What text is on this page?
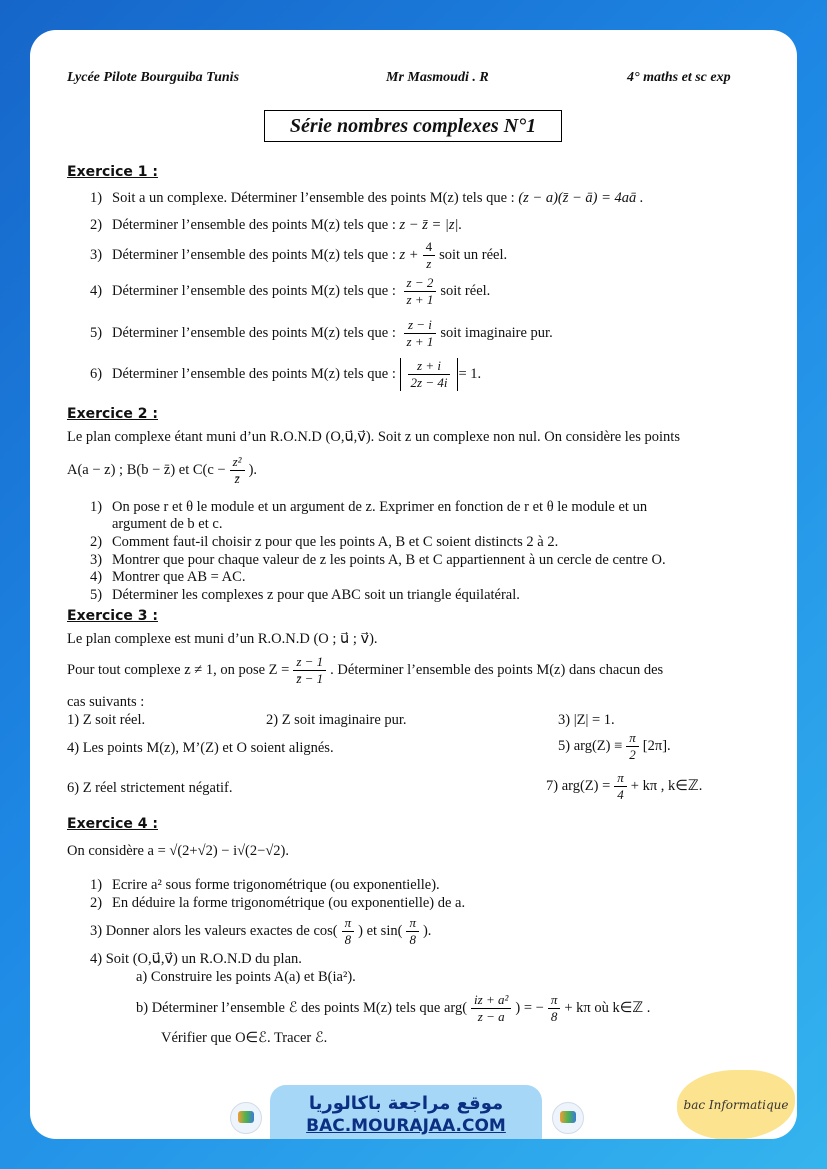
Lycée Pilote Bourguiba Tunis	Mr Masmoudi . R	4° maths et sc exp
Série nombres complexes N°1
Exercice 1 :
1) Soit a un complexe. Déterminer l’ensemble des points M(z) tels que : (z − a)(z̄ − ā) = 4aā .
2) Déterminer l’ensemble des points M(z) tels que : z − z̄ = |z|.
3) Déterminer l’ensemble des points M(z) tels que : $z + \frac{4}{z}$ soit un réel.
4) Déterminer l’ensemble des points M(z) tels que : $\frac{z - 2}{z + 1}$ soit réel.
5) Déterminer l’ensemble des points M(z) tels que : $\frac{z - i}{z + 1}$ soit imaginaire pur.
6) Déterminer l’ensemble des points M(z) tels que : $\frac{z + i}{2z - 4i} = 1$.
Exercice 2 :
Le plan complexe étant muni d’un R.O.N.D (O,u⃗,v⃗). Soit z un complexe non nul. On considère les points
A(a − z) ; B(b − z̄) et $C(c - \frac{\text{z²}}{z̄}$ ).
1) On pose r et θ le module et un argument de z. Exprimer en fonction de r et θ le module et un
argument de b et c.
2) Comment faut-il choisir z pour que les points A, B et C soient distincts 2 à 2.
3) Montrer que pour chaque valeur de z les points A, B et C appartiennent à un cercle de centre O.
4) Montrer que AB = AC.
5) Déterminer les complexes z pour que ABC soit un triangle équilatéral.
Exercice 3 :
Le plan complexe est muni d’un R.O.N.D (O ; u⃗ ; v⃗).
Pour tout complexe z ≠ 1, on pose $Z = \frac{z - 1}{z̄ - 1}$ . Déterminer l’ensemble des points M(z) dans chacun des
cas suivants :
1) Z soit réel.	2) Z soit imaginaire pur.	3) |Z| = 1.
4) Les points M(z), M’(Z) et O soient alignés.	5) $arg(Z) \equiv \frac{\pi}{2} [2\pi]$.
6) Z réel strictement négatif.	7) $arg(Z) = \frac{\pi}{4} + k\pi$ , k∈ℤ.
Exercice 4 :
On considère a = √(2+√2) − i√(2−√2).
1) Ecrire a² sous forme trigonométrique (ou exponentielle).
2) En déduire la forme trigonométrique (ou exponentielle) de a.
3) Donner alors les valeurs exactes de $\cos( \frac{\pi}{8}$ ) et $\sin( \frac{\pi}{8}$ ).
4) Soit (O,u⃗,v⃗) un R.O.N.D du plan.
a) Construire les points A(a) et B(ia²).
b) Déterminer l’ensemble ℰ des points M(z) tels que $arg( \frac{\text{iz + a²}}{z - a}$ ) = − $\frac{\pi}{8} + k\pi$ où k∈ℤ .
Vérifier que O∈ℰ. Tracer ℰ.
موقع مراجعة باكالوريا
BAC.MOURAJAA.COM
bac Informatique
